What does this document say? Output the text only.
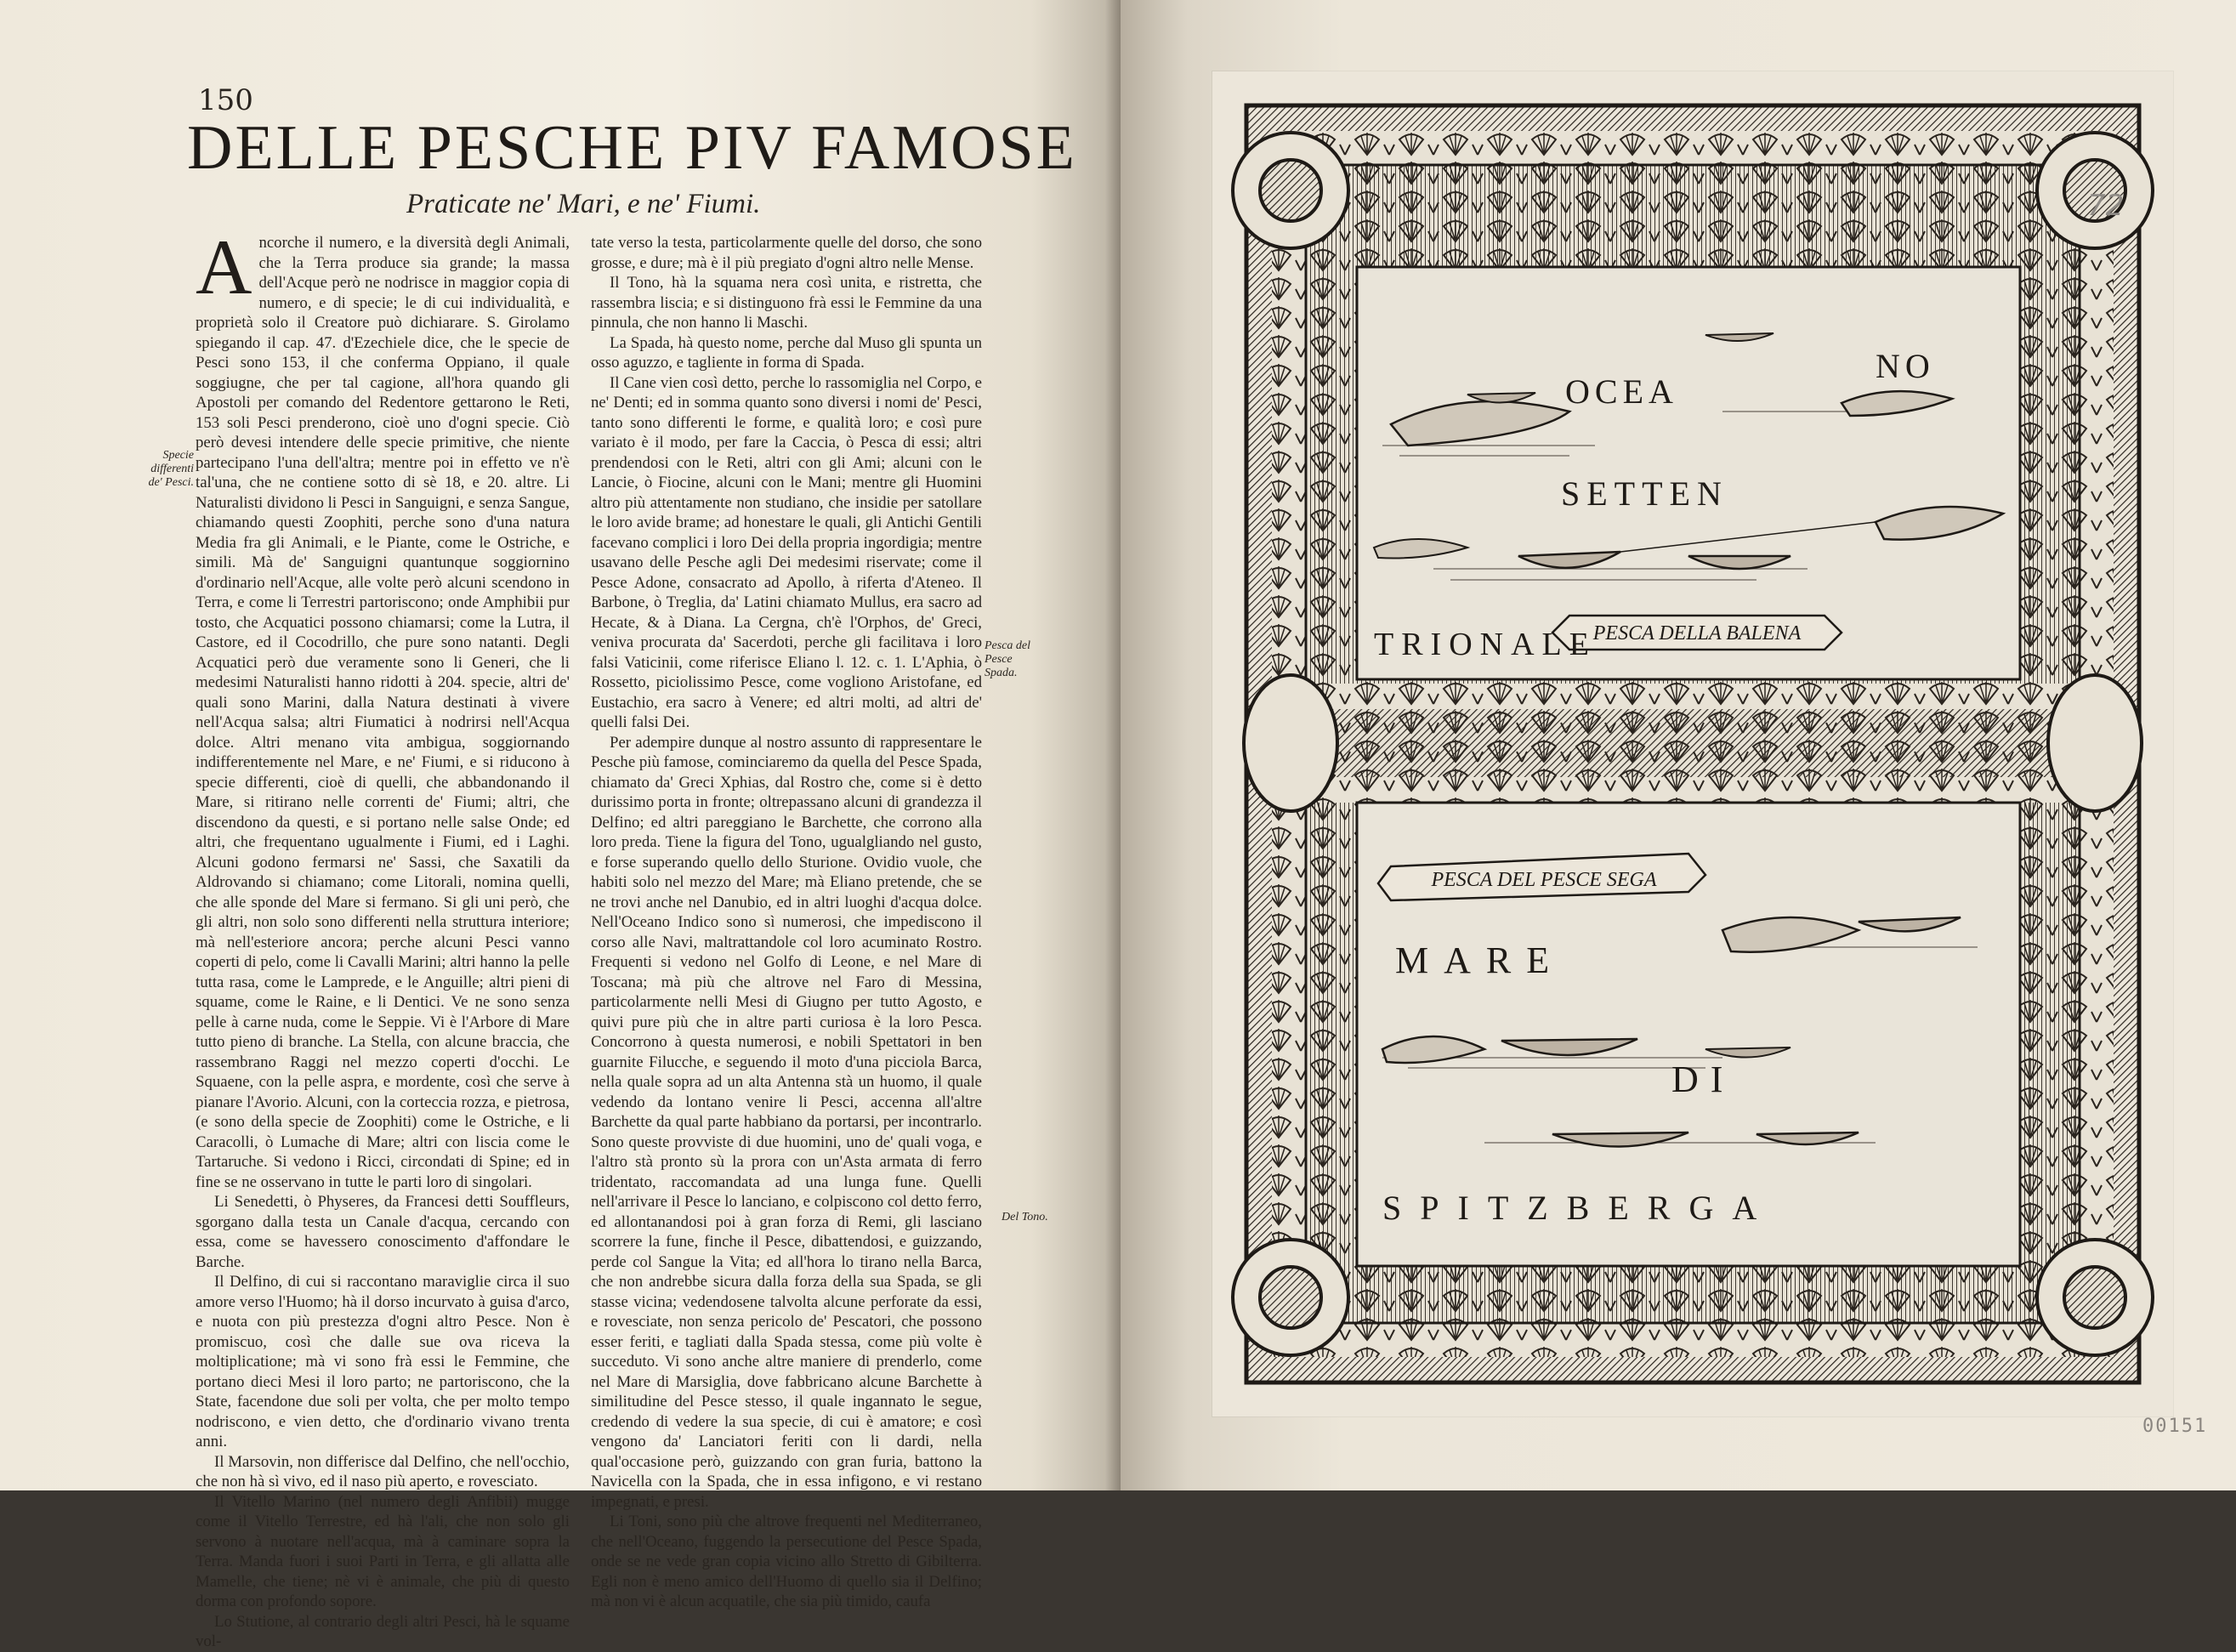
150
DELLE PESCHE PIV FAMOSE
Praticate ne' Mari, e ne' Fiumi.

Ancorche il numero, e la diversità degli Animali, che la Terra produce sia grande; la massa dell'Acque però ne nodrisce in maggior copia di numero, e di specie; le di cui individualità, e proprietà solo il Creatore può dichiarare. S. Girolamo spiegando il cap. 47. d'Ezechiele dice, che le specie de Pesci sono 153, il che conferma Oppiano, il quale soggiugne, che per tal cagione, all'hora quando gli Apostoli per comando del Redentore gettarono le Reti, 153 soli Pesci prenderono, cioè uno d'ogni specie. Ciò però devesi intendere delle specie primitive, che niente partecipano l'una dell'altra; mentre poi in effetto ve n'è tal'una, che ne contiene sotto di sè 18, e 20. altre. Li Naturalisti dividono li Pesci in Sanguigni, e senza Sangue, chiamando questi Zoophiti, perche sono d'una natura Media fra gli Animali, e le Piante, come le Ostriche, e simili. Mà de' Sanguigni quantunque soggiornino d'ordinario nell'Acque, alle volte però alcuni scendono in Terra, e come li Terrestri partoriscono; onde Amphibii pur tosto, che Acquatici possono chiamarsi; come la Lutra, il Castore, ed il Cocodrillo, che pure sono natanti. Degli Acquatici però due veramente sono li Generi, che li medesimi Naturalisti hanno ridotti à 204. specie, altri de' quali sono Marini, dalla Natura destinati à vivere nell'Acqua salsa; altri Fiumatici à nodrirsi nell'Acqua dolce. Altri menano vita ambigua, soggiornando indifferentemente nel Mare, e ne' Fiumi, e si riducono à specie differenti, cioè di quelli, che abbandonando il Mare, si ritirano nelle correnti de' Fiumi; altri, che discendono da questi, e si portano nelle salse Onde; ed altri, che frequentano ugualmente i Fiumi, ed i Laghi. Alcuni godono fermarsi ne' Sassi, che Saxatili da Aldrovando si chiamano; come Litorali, nomina quelli, che alle sponde del Mare si fermano. Si gli uni però, che gli altri, non solo sono differenti nella struttura interiore; mà nell'esteriore ancora; perche alcuni Pesci vanno coperti di pelo, come li Cavalli Marini; altri hanno la pelle tutta rasa, come le Lamprede, e le Anguille; altri pieni di squame, come le Raine, e li Dentici. Ve ne sono senza pelle à carne nuda, come le Seppie. Vi è l'Arbore di Mare tutto pieno di branche. La Stella, con alcune braccia, che rassembrano Raggi nel mezzo coperti d'occhi. Le Squaene, con la pelle aspra, e mordente, così che serve à pianare l'Avorio. Alcuni, con la corteccia rozza, e pietrosa, (e sono della specie de Zoophiti) come le Ostriche, e li Caracolli, ò Lumache di Mare; altri con liscia come le Tartaruche. Si vedono i Ricci, circondati di Spine; ed in fine se ne osservano in tutte le parti loro di singolari.

Li Senedetti, ò Physeres, da Francesi detti Souffleurs, sgorgano dalla testa un Canale d'acqua, cercando con essa, come se havessero conoscimento d'affondare le Barche.

Il Delfino, di cui si raccontano maraviglie circa il suo amore verso l'Huomo; hà il dorso incurvato à guisa d'arco, e nuota con più prestezza d'ogni altro Pesce. Non è promiscuo, così che dalle sue ova riceva la moltiplicatione; mà vi sono frà essi le Femmine, che portano dieci Mesi il loro parto; ne partoriscono, che la State, facendone due soli per volta, che per molto tempo nodriscono, e vien detto, che d'ordinario vivano trenta anni.

Il Marsovin, non differisce dal Delfino, che nell'occhio, che non hà sì vivo, ed il naso più aperto, e rovesciato.

Il Vitello Marino (nel numero degli Anfibii) mugge come il Vitello Terrestre, ed hà l'ali, che non solo gli servono à nuotare nell'acqua, mà à caminare sopra la Terra. Manda fuori i suoi Parti in Terra, e gli allatta alle Mamelle, che tiene; nè vi è animale, che più di questo dorma con profondo sopore.

Lo Stutione, al contrario degli altri Pesci, hà le squame vol-

tate verso la testa, particolarmente quelle del dorso, che sono grosse, e dure; mà è il più pregiato d'ogni altro nelle Mense.

Il Tono, hà la squama nera così unita, e ristretta, che rassembra liscia; e si distinguono frà essi le Femmine da una pinnula, che non hanno li Maschi.

La Spada, hà questo nome, perche dal Muso gli spunta un osso aguzzo, e tagliente in forma di Spada.

Il Cane vien così detto, perche lo rassomiglia nel Corpo, e ne' Denti; ed in somma quanto sono diversi i nomi de' Pesci, tanto sono differenti le forme, e qualità loro; e così pure variato è il modo, per fare la Caccia, ò Pesca di essi; altri prendendosi con le Reti, altri con gli Ami; alcuni con le Lancie, ò Fiocine, alcuni con le Mani; mentre gli Huomini altro più attentamente non studiano, che insidie per satollare le loro avide brame; ad honestare le quali, gli Antichi Gentili facevano complici i loro Dei della propria ingordigia; mentre usavano delle Pesche agli Dei medesimi riservate; come il Pesce Adone, consacrato ad Apollo, à riferta d'Ateneo. Il Barbone, ò Treglia, da' Latini chiamato Mullus, era sacro ad Hecate, & à Diana. La Cergna, ch'è l'Orphos, de' Greci, veniva procurata da' Sacerdoti, perche gli facilitava i loro falsi Vaticinii, come riferisce Eliano l. 12. c. 1. L'Aphia, ò Rossetto, piciolissimo Pesce, come vogliono Aristofane, ed Eustachio, era sacro à Venere; ed altri molti, ad altri de' quelli falsi Dei.

Per adempire dunque al nostro assunto di rappresentare le Pesche più famose, cominciaremo da quella del Pesce Spada, chiamato da' Greci Xphias, dal Rostro che, come si è detto durissimo porta in fronte; oltrepassano alcuni di grandezza il Delfino; ed altri pareggiano le Barchette, che corrono alla loro preda. Tiene la figura del Tono, ugualgliando nel gusto, e forse superando quello dello Sturione. Ovidio vuole, che habiti solo nel mezzo del Mare; mà Eliano pretende, che se ne trovi anche nel Danubio, ed in altri luoghi d'acqua dolce. Nell'Oceano Indico sono sì numerosi, che impediscono il corso alle Navi, maltrattandole col loro acuminato Rostro. Frequenti si vedono nel Golfo di Leone, e nel Mare di Toscana; mà più che altrove nel Faro di Messina, particolarmente nelli Mesi di Giugno per tutto Agosto, e quivi pure più che in altre parti curiosa è la loro Pesca. Concorrono à questa numerosi, e nobili Spettatori in ben guarnite Filucche, e seguendo il moto d'una picciola Barca, nella quale sopra ad un alta Antenna stà un huomo, il quale vedendo da lontano venire li Pesci, accenna all'altre Barchette da qual parte habbiano da portarsi, per incontrarlo. Sono queste provviste di due huomini, uno de' quali voga, e l'altro stà pronto sù la prora con un'Asta armata di ferro tridentato, raccomandata ad una lunga fune. Quelli nell'arrivare il Pesce lo lanciano, e colpiscono col detto ferro, ed allontanandosi poi à gran forza di Remi, gli lasciano scorrere la fune, finche il Pesce, dibattendosi, e guizzando, perde col Sangue la Vita; ed all'hora lo tirano nella Barca, che non andrebbe sicura dalla forza della sua Spada, se gli stasse vicina; vedendosene talvolta alcune perforate da essi, e rovesciate, non senza pericolo de' Pescatori, che possono esser feriti, e tagliati dalla Spada stessa, come più volte è succeduto. Vi sono anche altre maniere di prenderlo, come nel Mare di Marsiglia, dove fabbricano alcune Barchette à similitudine del Pesce stesso, il quale ingannato le segue, credendo di vedere la sua specie, di cui è amatore; e così vengono da' Lanciatori feriti con li dardi, nella qual'occasione però, guizzando con gran furia, battono la Navicella con la Spada, che in essa infigono, e vi restano impegnati, e presi.

Li Toni, sono più che altrove frequenti nel Mediterraneo, che nell'Oceano, fuggendo la persecutione del Pesce Spada, onde se ne vede gran copia vicino allo Stretto di Gibilterra. Egli non è meno amico dell'Huomo di quello sia il Delfino; mà non vi è alcun acquatile, che sia più timido, caufa

Specie differenti de' Pesci.
Pesca del Pesce Spada.
Del Tono.
PESCA DELLA BALENA
OCEA
NO
SETTEN
TRIONALE
PESCA DEL PESCE SEGA
MARE
DI
SPITZBERGA
72
00151
